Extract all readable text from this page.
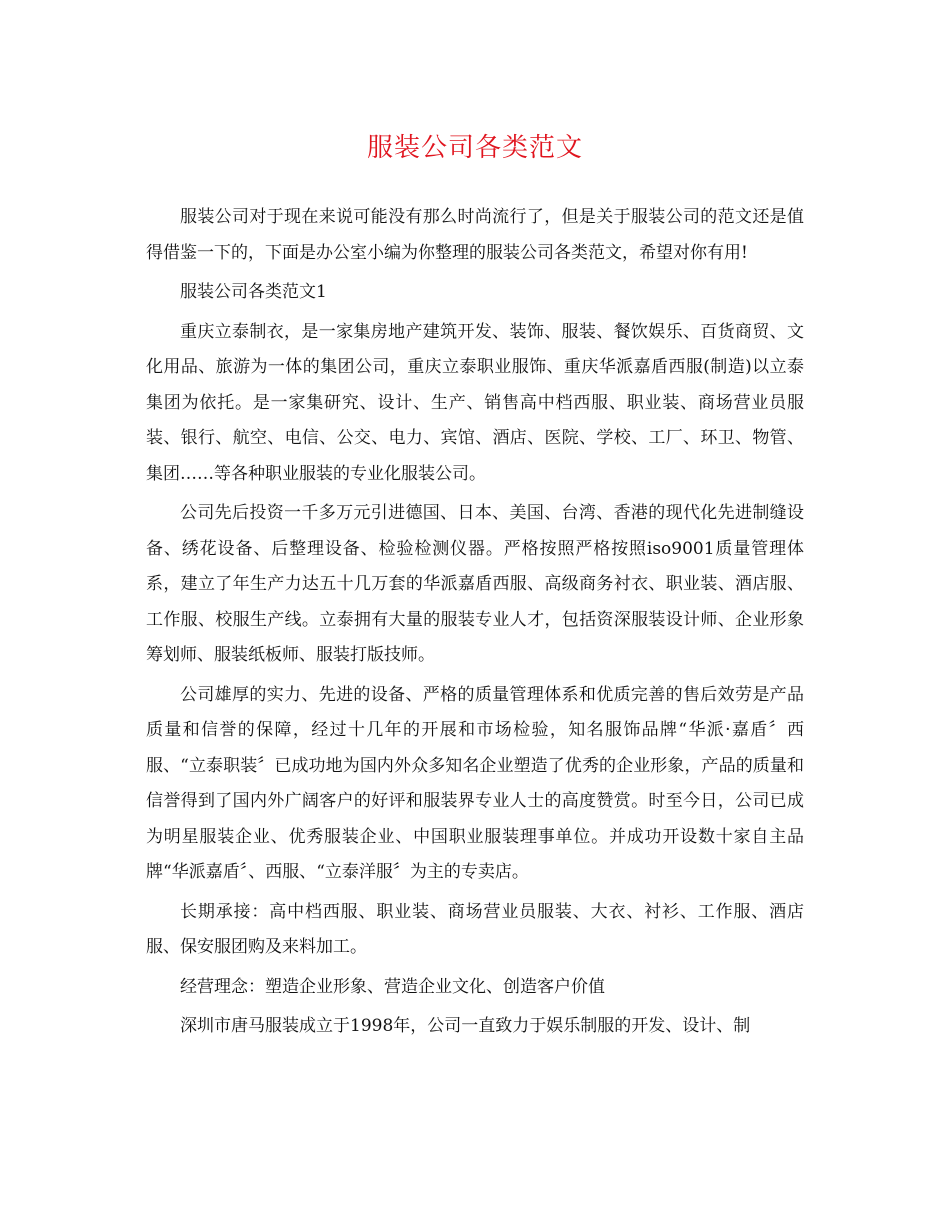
服装公司各类范文

服装公司对于现在来说可能没有那么时尚流行了，但是关于服装公司的范文还是值得借鉴一下的，下面是办公室小编为你整理的服装公司各类范文，希望对你有用!

服装公司各类范文1

重庆立泰制衣，是一家集房地产建筑开发、装饰、服装、餐饮娱乐、百货商贸、文化用品、旅游为一体的集团公司，重庆立泰职业服饰、重庆华派嘉盾西服(制造)以立泰集团为依托。是一家集研究、设计、生产、销售高中档西服、职业装、商场营业员服装、银行、航空、电信、公交、电力、宾馆、酒店、医院、学校、工厂、环卫、物管、集团……等各种职业服装的专业化服装公司。

公司先后投资一千多万元引进德国、日本、美国、台湾、香港的现代化先进制缝设备、绣花设备、后整理设备、检验检测仪器。严格按照严格按照iso9001质量管理体系，建立了年生产力达五十几万套的华派嘉盾西服、高级商务衬衣、职业装、酒店服、工作服、校服生产线。立泰拥有大量的服装专业人才，包括资深服装设计师、企业形象筹划师、服装纸板师、服装打版技师。

公司雄厚的实力、先进的设备、严格的质量管理体系和优质完善的售后效劳是产品质量和信誉的保障，经过十几年的开展和市场检验，知名服饰品牌“华派·嘉盾〞西服、“立泰职装〞已成功地为国内外众多知名企业塑造了优秀的企业形象，产品的质量和信誉得到了国内外广阔客户的好评和服装界专业人士的高度赞赏。时至今日，公司已成为明星服装企业、优秀服装企业、中国职业服装理事单位。并成功开设数十家自主品牌“华派嘉盾〞、西服、“立泰洋服〞为主的专卖店。

长期承接：高中档西服、职业装、商场营业员服装、大衣、衬衫、工作服、酒店服、保安服团购及来料加工。

经营理念：塑造企业形象、营造企业文化、创造客户价值

深圳市唐马服装成立于1998年，公司一直致力于娱乐制服的开发、设计、制
